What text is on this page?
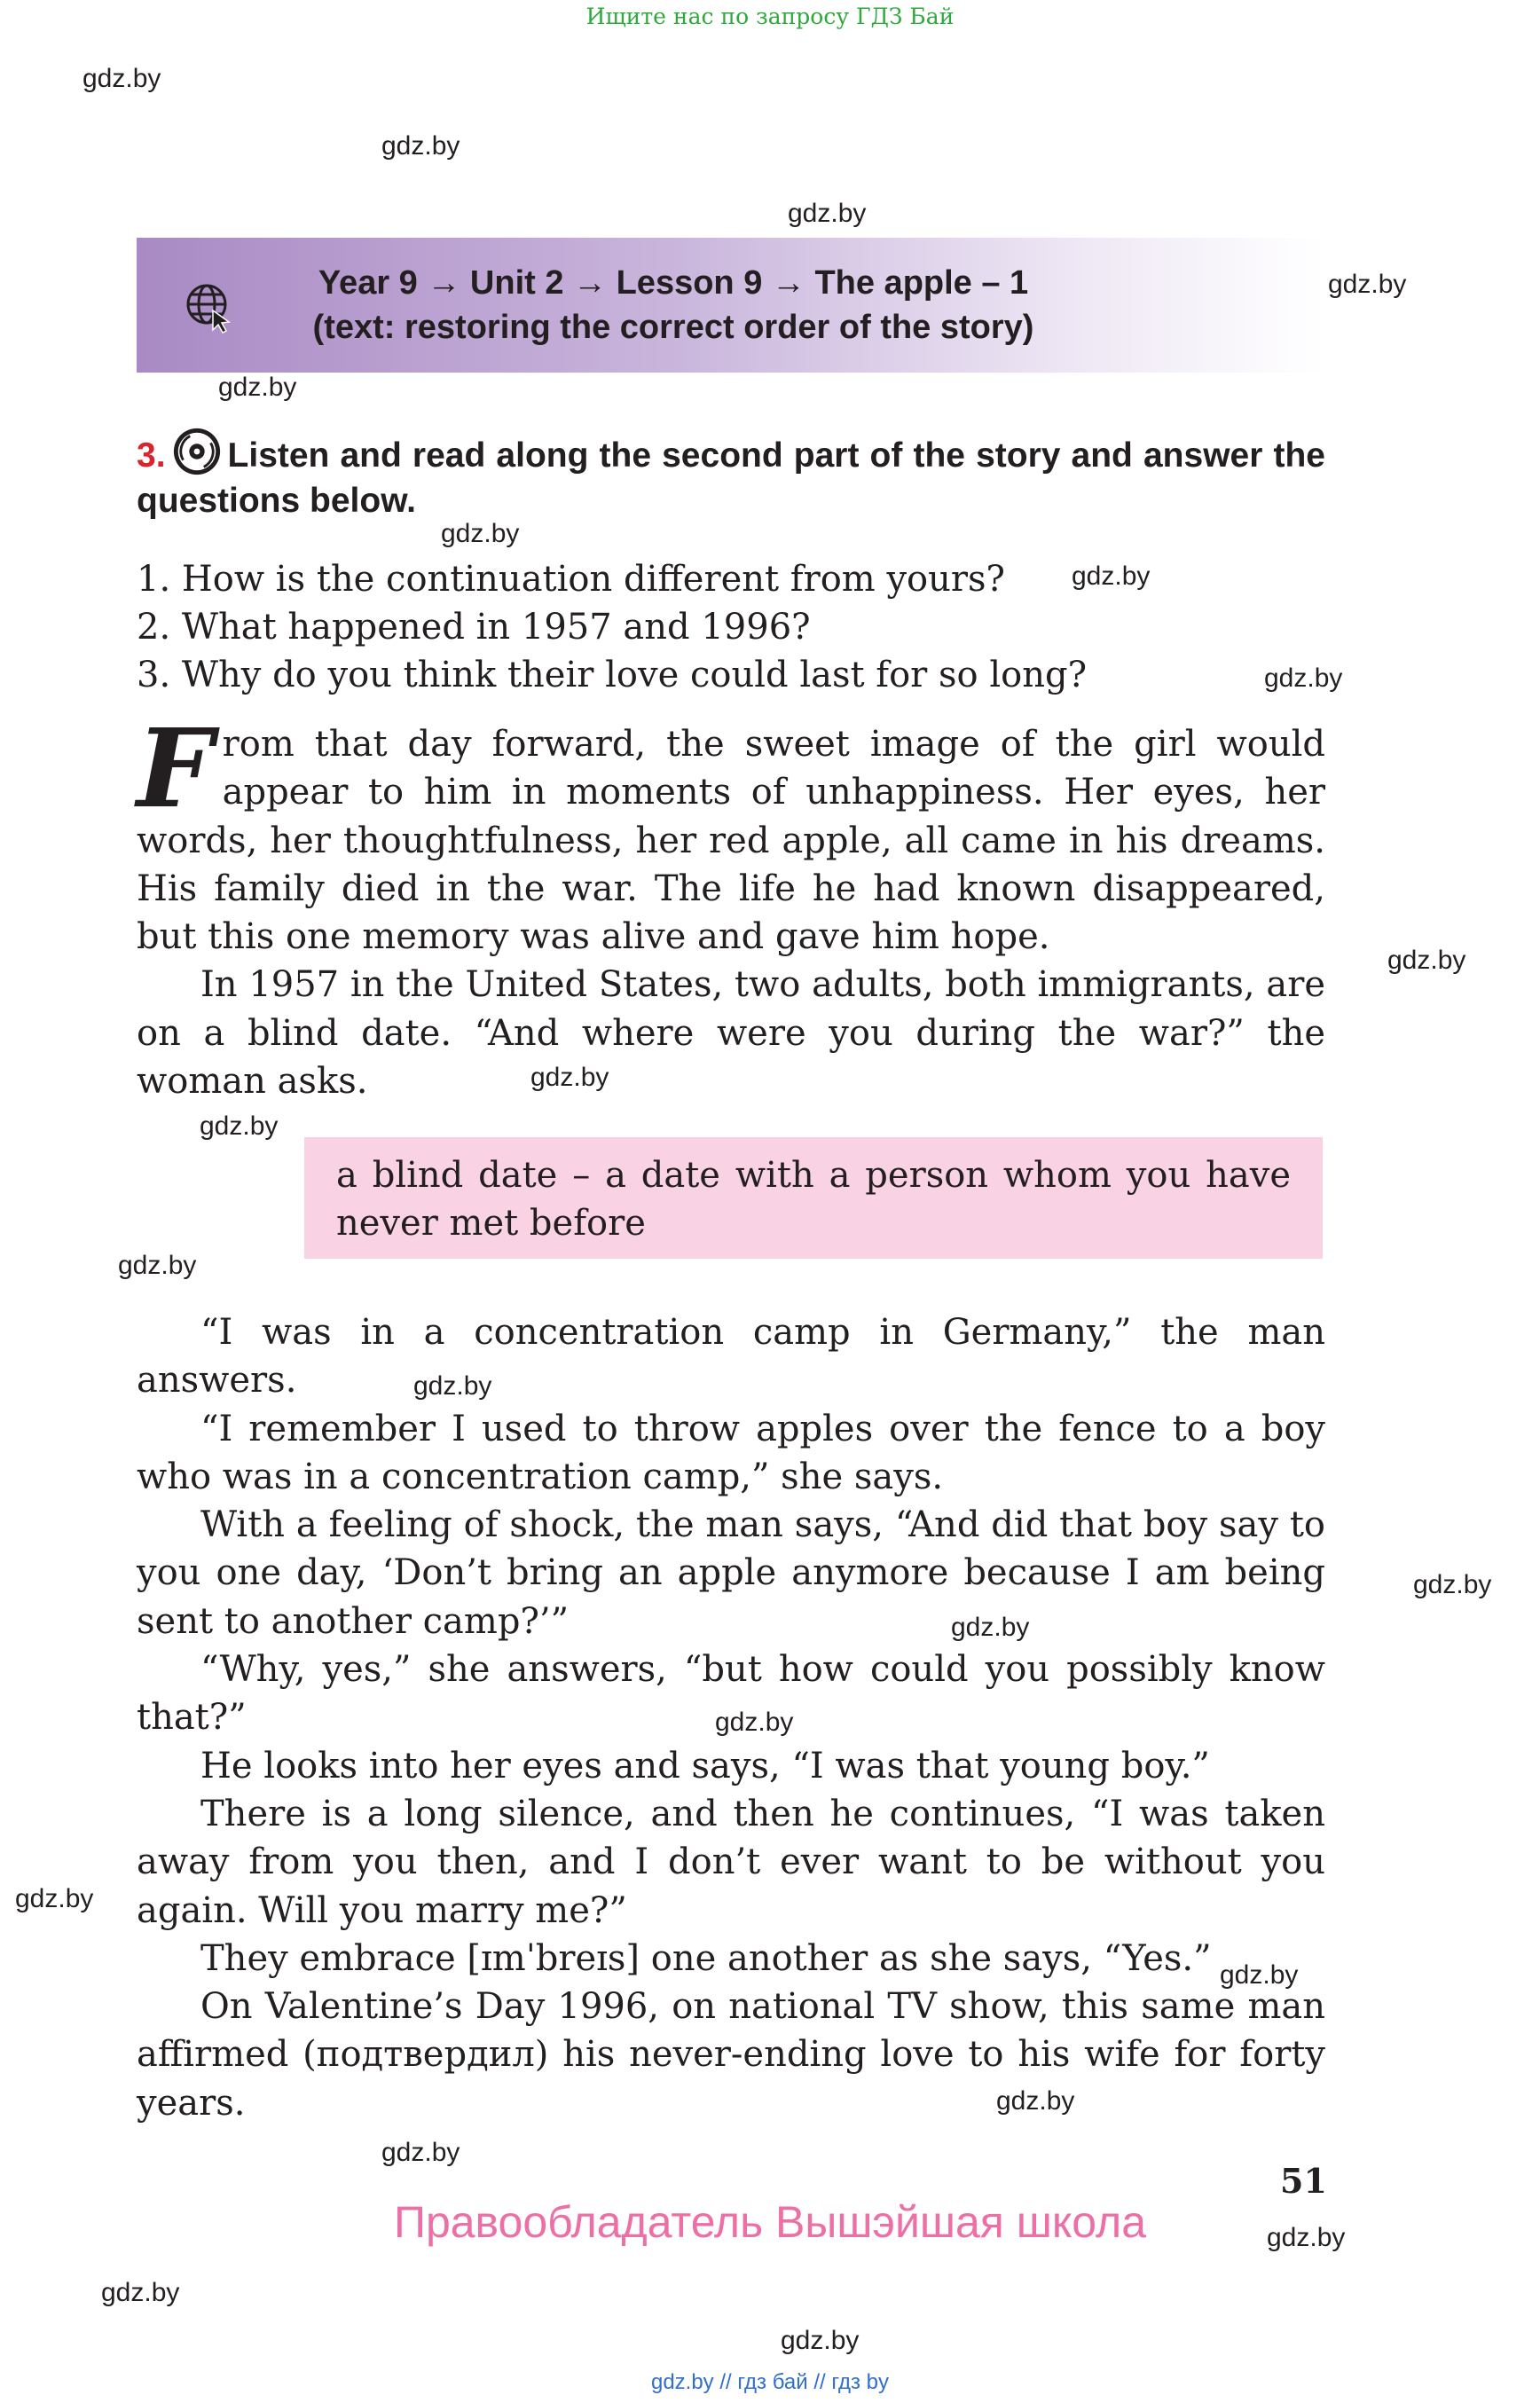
Ищите нас по запросу ГДЗ Бай
gdz.by
gdz.by
gdz.by
gdz.by
gdz.by
gdz.by
gdz.by
gdz.by
gdz.by
gdz.by
gdz.by
gdz.by
gdz.by
gdz.by
gdz.by
gdz.by
gdz.by
gdz.by
gdz.by
gdz.by
gdz.by
gdz.by
gdz.by
Year 9 → Unit 2 → Lesson 9 → The apple – 1
(text: restoring the correct order of the story)
3. Listen and read along the second part of the story and answer the questions below.
1. How is the continuation different from yours?
2. What happened in 1957 and 1996?
3. Why do you think their love could last for so long?

From that day forward, the sweet image of the girl would appear to him in moments of unhappiness. Her eyes, her words, her thoughtfulness, her red apple, all came in his dreams. His family died in the war. The life he had known disappeared, but this one memory was alive and gave him hope.

In 1957 in the United States, two adults, both immigrants, are on a blind date. “And where were you during the war?” the woman asks.

a blind date – a date with a person whom you have never met before

“I was in a concentration camp in Germany,” the man answers.

“I remember I used to throw apples over the fence to a boy who was in a concentration camp,” she says.

With a feeling of shock, the man says, “And did that boy say to you one day, ‘Don’t bring an apple anymore because I am being sent to another camp?’”

“Why, yes,” she answers, “but how could you possibly know that?”

He looks into her eyes and says, “I was that young boy.”

There is a long silence, and then he continues, “I was taken away from you then, and I don’t ever want to be without you again. Will you marry me?”

They embrace [ɪmˈbreɪs] one another as she says, “Yes.”

On Valentine’s Day 1996, on national TV show, this same man affirmed (подтвердил) his never-ending love to his wife for forty years.

51
Правообладатель Вышэйшая школа
gdz.by // гдз бай // гдз by
